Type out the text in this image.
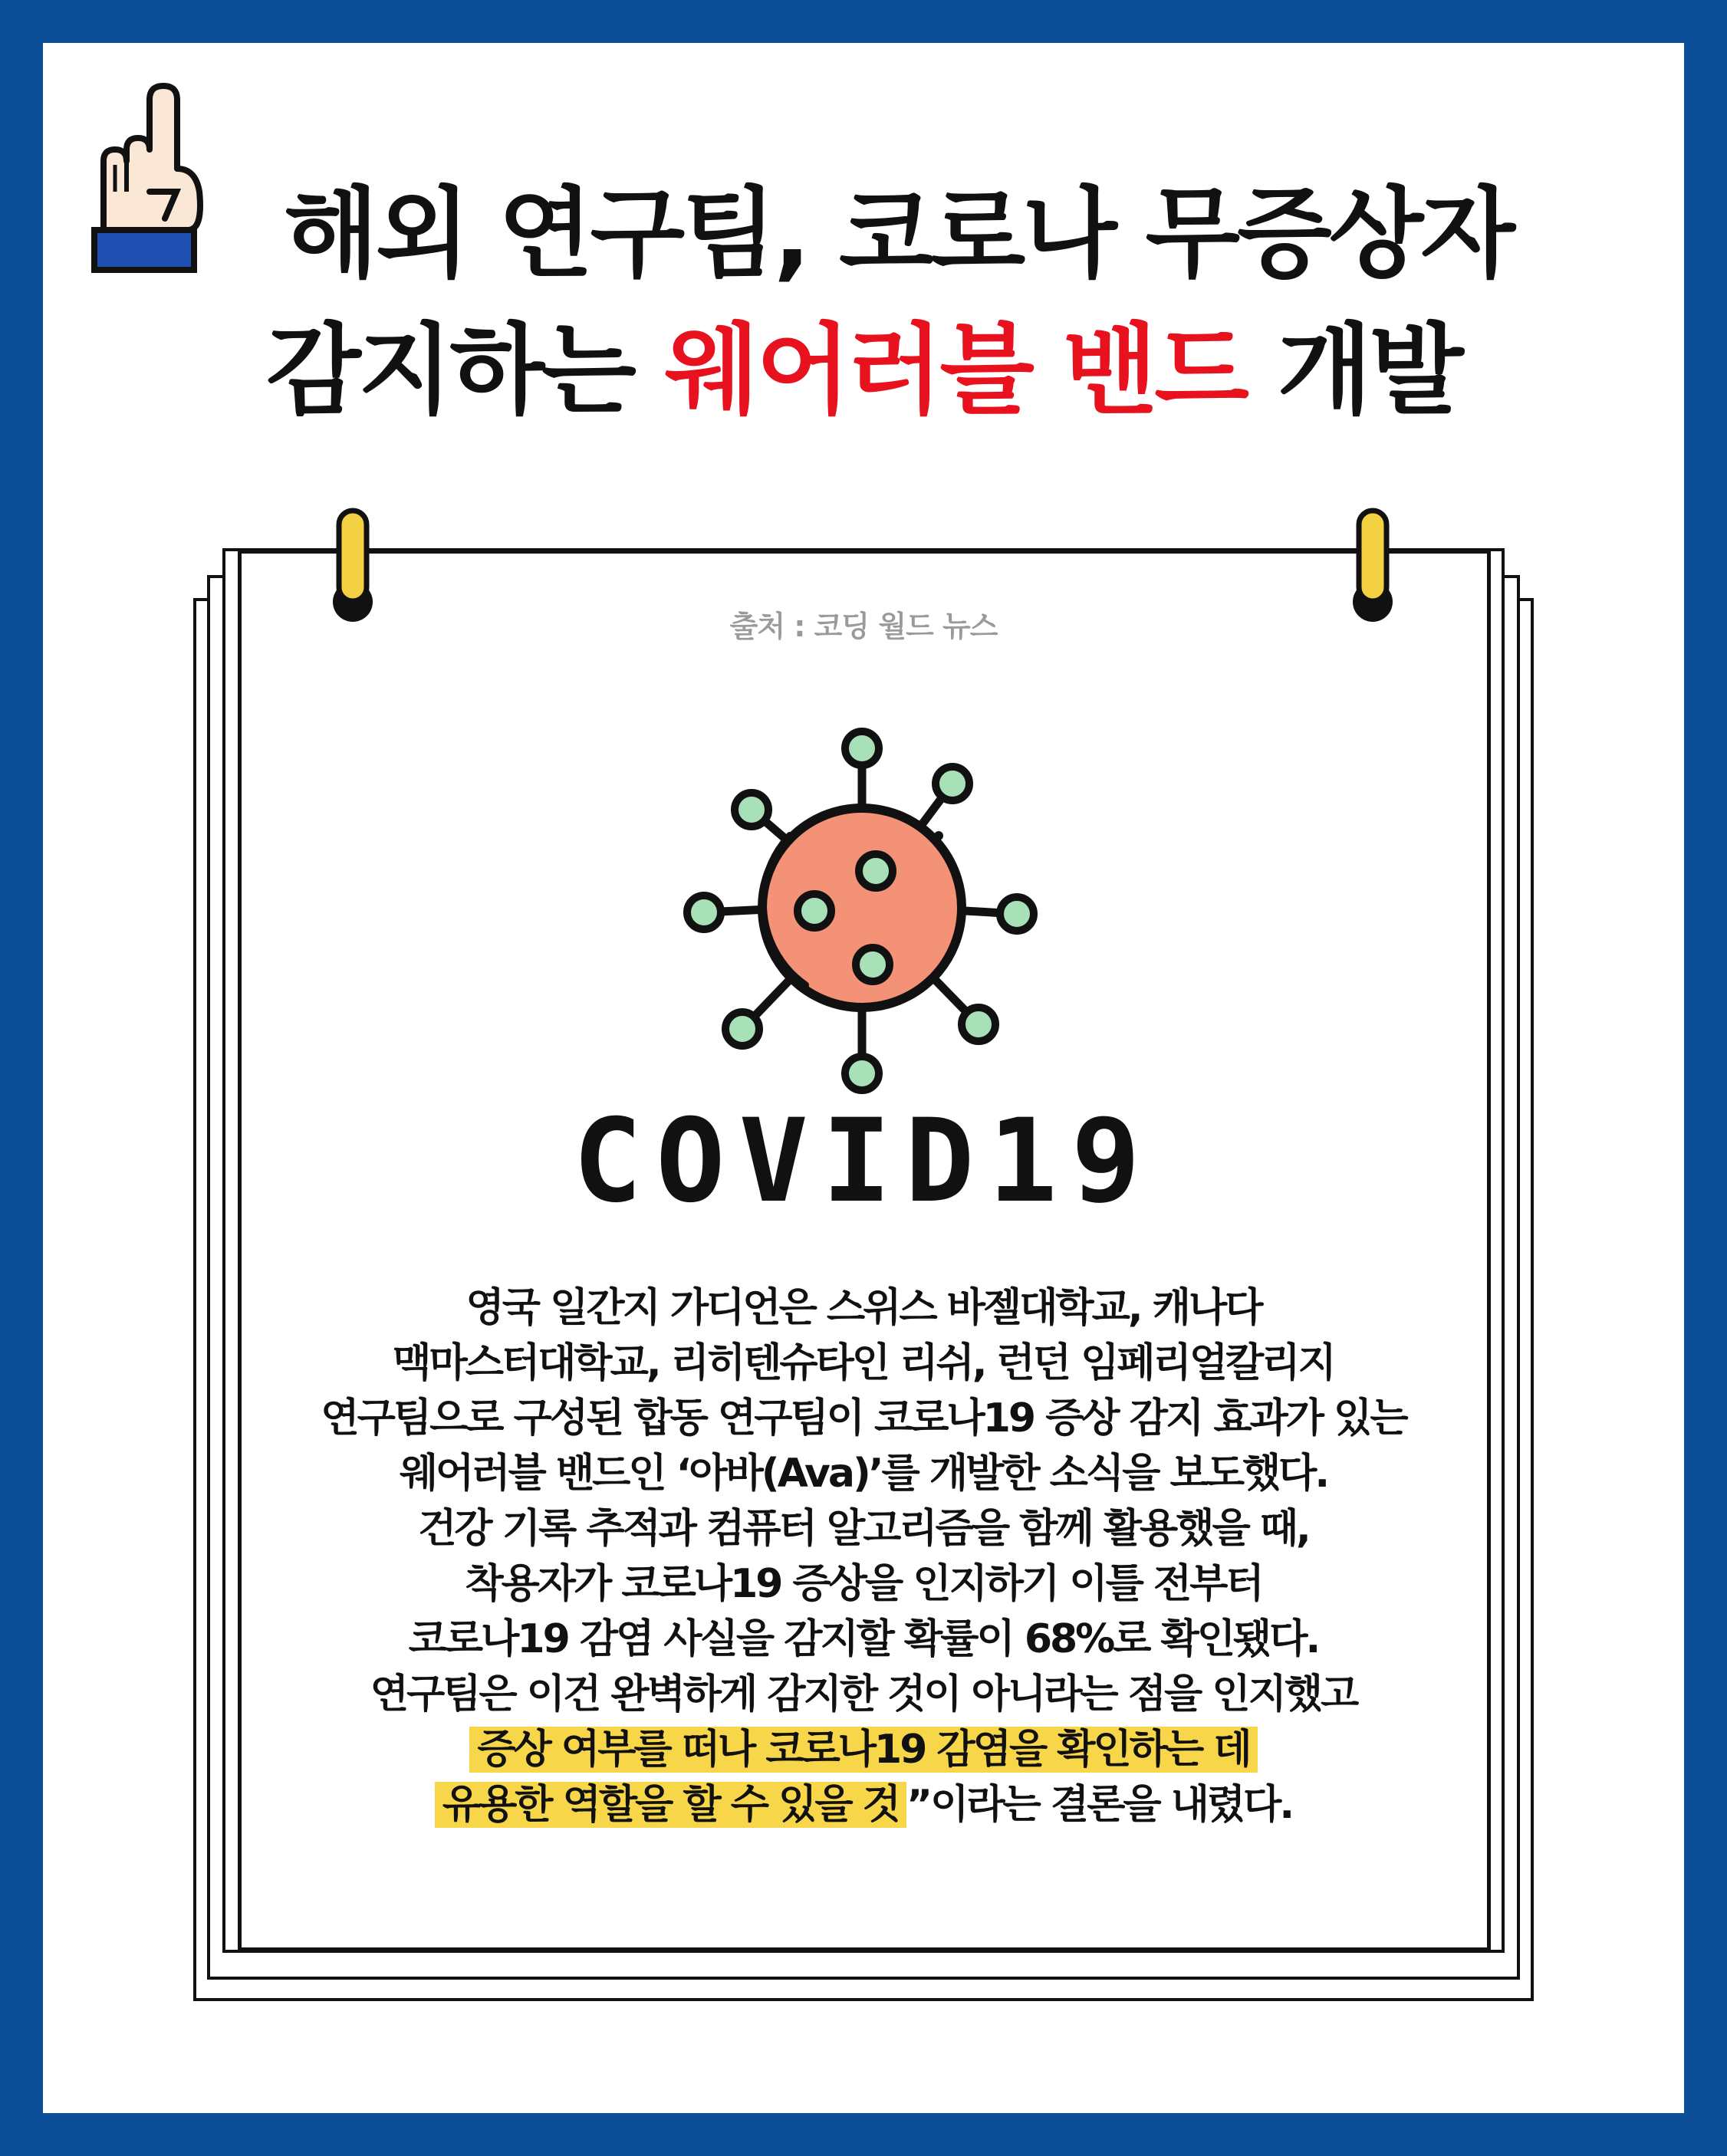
해외 연구팀, 코로나 무증상자
감지하는 웨어러블 밴드 개발
출처 : 코딩 월드 뉴스
COVID19
영국 일간지 가디언은 스위스 바젤대학교, 캐나다
맥마스터대학교, 리히텐슈타인 리쉬, 런던 임페리얼칼리지
연구팀으로 구성된 합동 연구팀이 코로나19 증상 감지 효과가 있는
웨어러블 밴드인 ‘아바(Ava)’를 개발한 소식을 보도했다.
건강 기록 추적과 컴퓨터 알고리즘을 함께 활용했을 때,
착용자가 코로나19 증상을 인지하기 이틀 전부터
코로나19 감염 사실을 감지할 확률이 68%로 확인됐다.
연구팀은 이건 완벽하게 감지한 것이 아니라는 점을 인지했고
증상 여부를 떠나 코로나19 감염을 확인하는 데
유용한 역할을 할 수 있을 것 ”이라는 결론을 내렸다.
